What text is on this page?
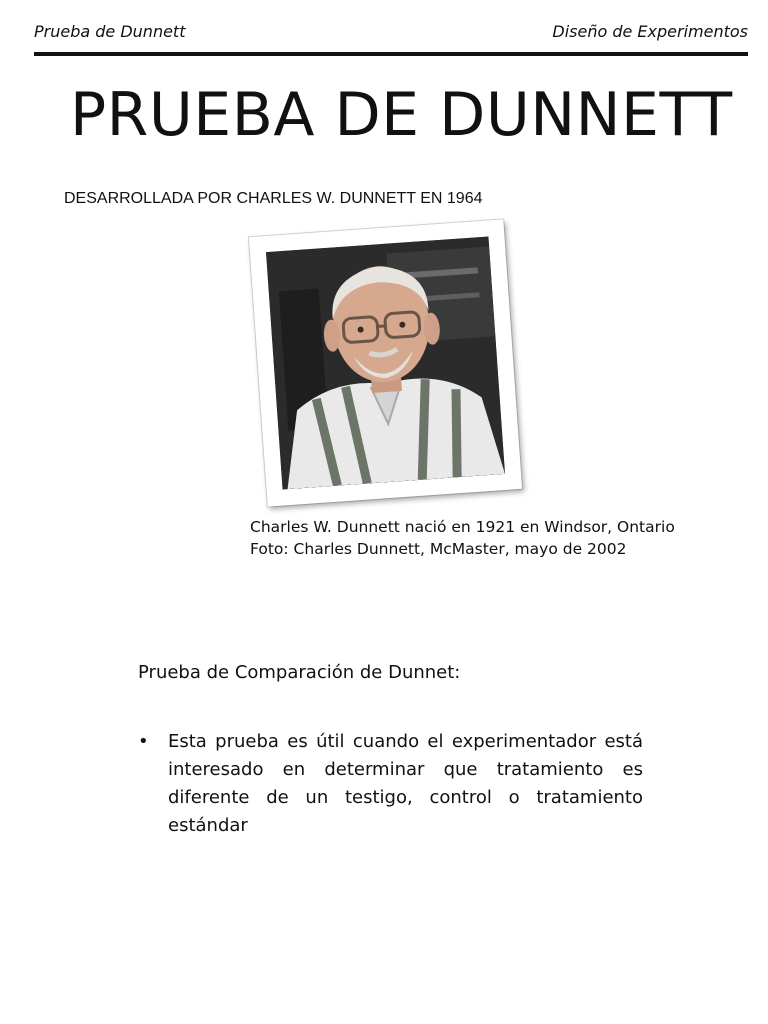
Prueba de Dunnett	Diseño de Experimentos
PRUEBA DE DUNNETT
DESARROLLADA POR CHARLES W. DUNNETT EN 1964
Charles W. Dunnett nació en 1921 en Windsor, Ontario
Foto: Charles Dunnett, McMaster, mayo de 2002
Prueba de Comparación de Dunnet:
•	Esta prueba es útil cuando el experimentador está interesado en determinar que tratamiento es diferente de un testigo, control o tratamiento estándar
